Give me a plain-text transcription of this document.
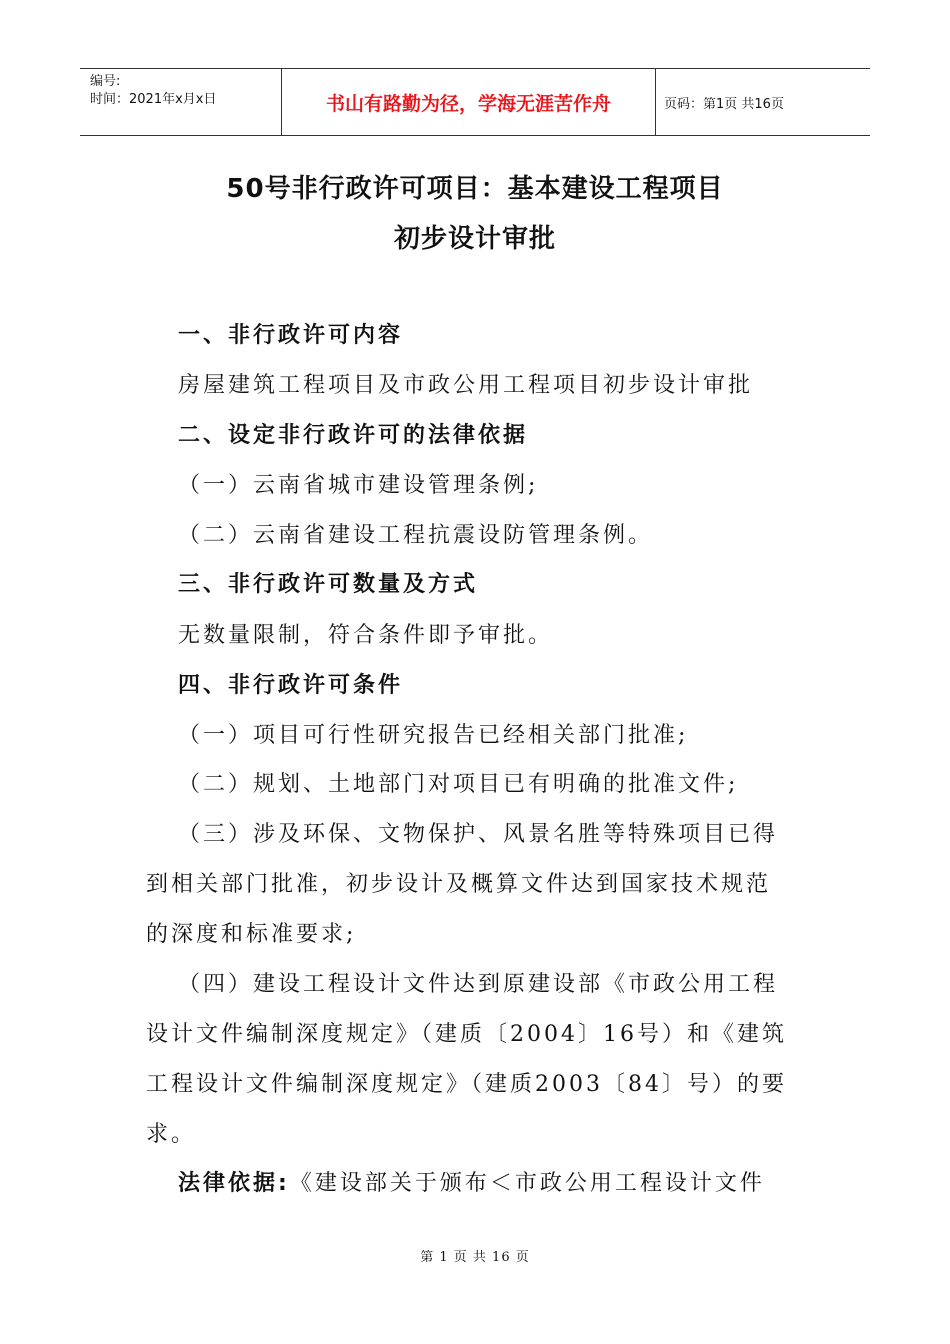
编号:
时间：2021年x月x日	书山有路勤为径，学海无涯苦作舟	页码：第1页 共16页
50号非行政许可项目：基本建设工程项目
初步设计审批
一、非行政许可内容
房屋建筑工程项目及市政公用工程项目初步设计审批
二、设定非行政许可的法律依据
（一）云南省城市建设管理条例;
（二）云南省建设工程抗震设防管理条例。
三、非行政许可数量及方式
无数量限制，符合条件即予审批。
四、非行政许可条件
（一）项目可行性研究报告已经相关部门批准;
（二）规划、土地部门对项目已有明确的批准文件;
（三）涉及环保、文物保护、风景名胜等特殊项目已得
到相关部门批准，初步设计及概算文件达到国家技术规范
的深度和标准要求;
（四）建设工程设计文件达到原建设部《市政公用工程
设计文件编制深度规定》（建质〔2004〕16号）和《建筑
工程设计文件编制深度规定》（建质2003〔84〕号）的要
求。
法律依据:《建设部关于颁布＜市政公用工程设计文件
第 1 页 共 16 页
